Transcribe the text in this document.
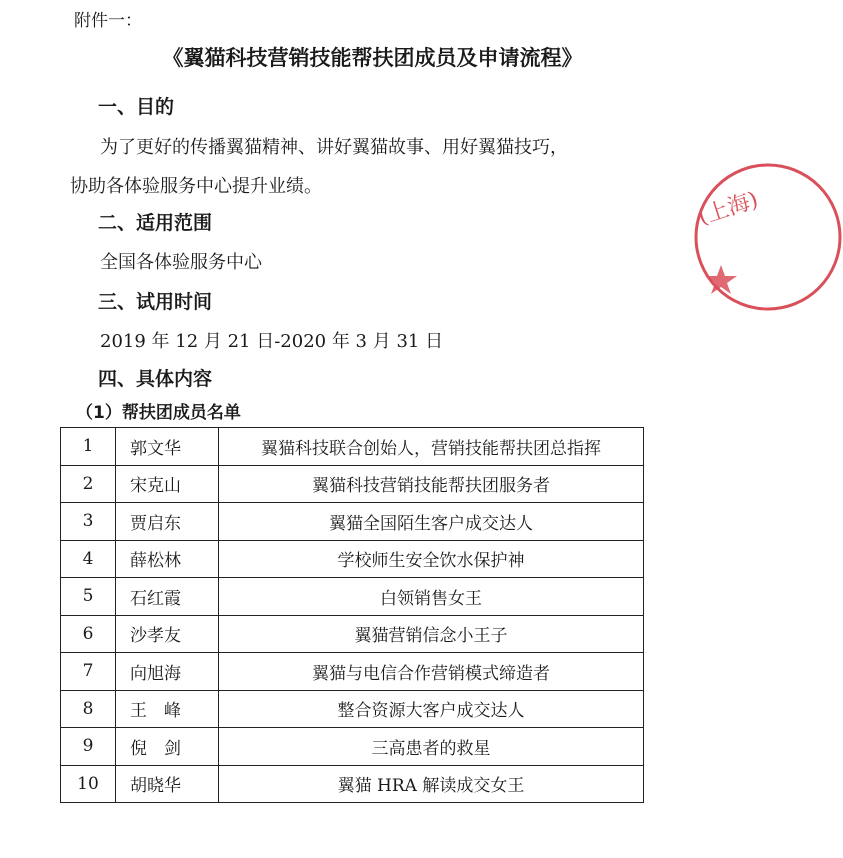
附件一：
《翼猫科技营销技能帮扶团成员及申请流程》
一、目的
为了更好的传播翼猫精神、讲好翼猫故事、用好翼猫技巧，
协助各体验服务中心提升业绩。
二、适用范围
全国各体验服务中心
三、试用时间
2019 年 12 月 21 日-2020 年 3 月 31 日
四、具体内容
（1）帮扶团成员名单
1	郭文华	翼猫科技联合创始人，营销技能帮扶团总指挥
2	宋克山	翼猫科技营销技能帮扶团服务者
3	贾启东	翼猫全国陌生客户成交达人
4	薛松林	学校师生安全饮水保护神
5	石红霞	白领销售女王
6	沙孝友	翼猫营销信念小王子
7	向旭海	翼猫与电信合作营销模式缔造者
8	王　峰	整合资源大客户成交达人
9	倪　剑	三高患者的救星
10	胡晓华	翼猫 HRA 解读成交女王
(上海)
